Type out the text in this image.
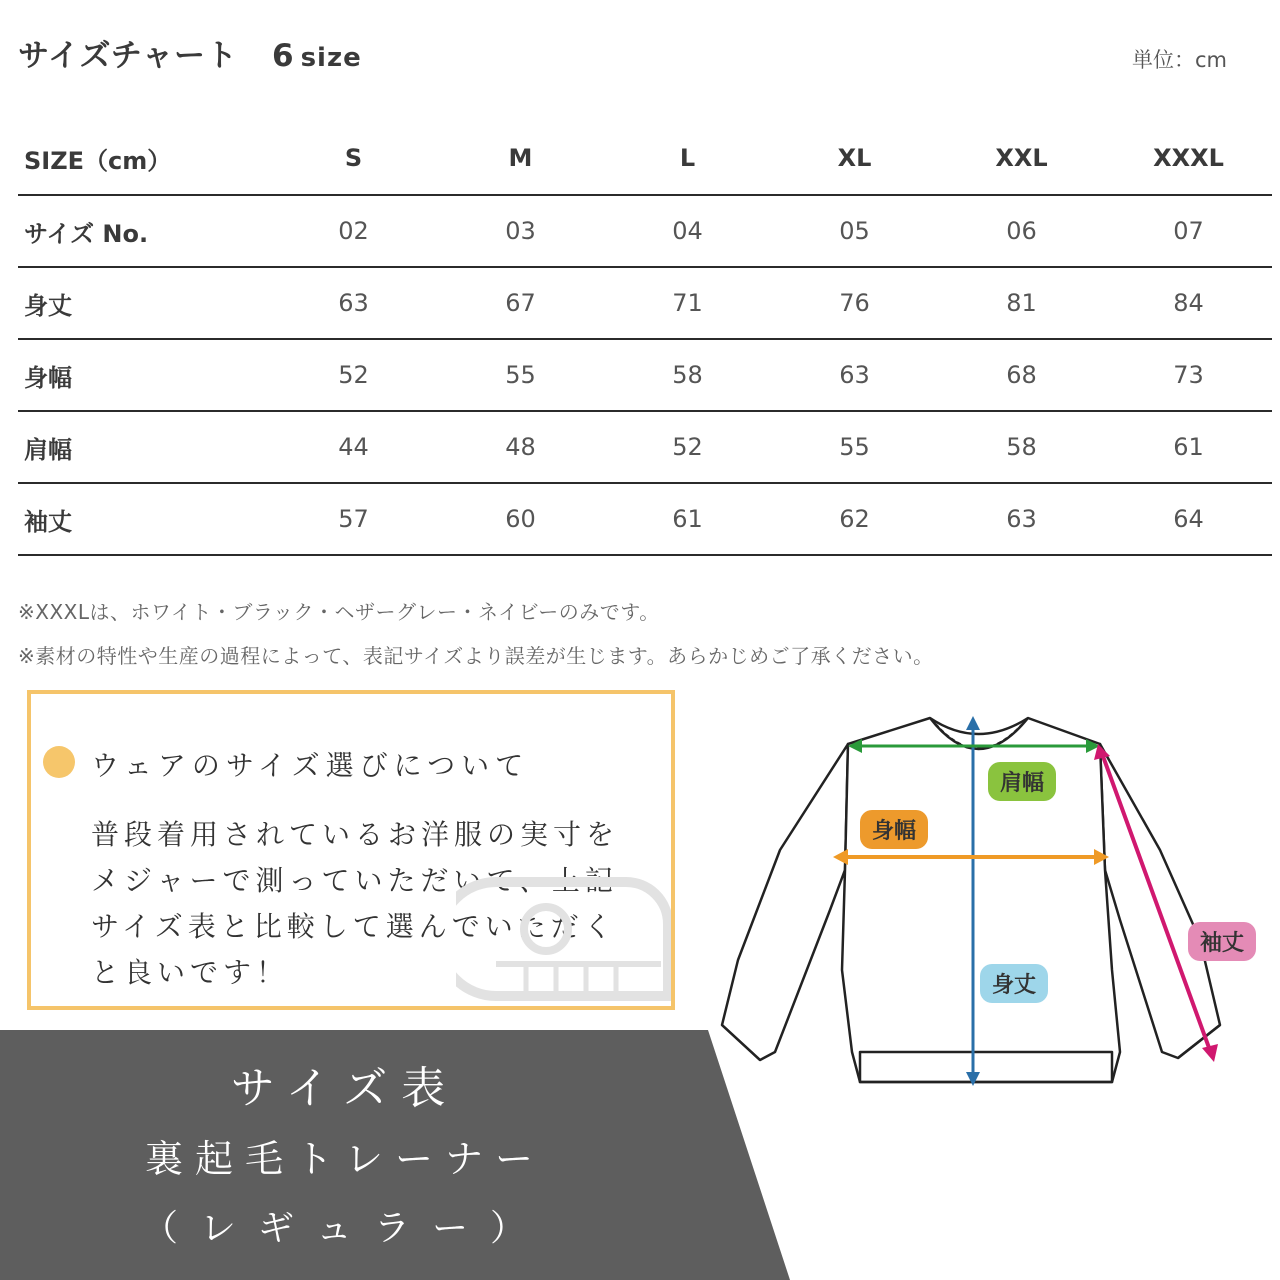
サイズチャート 6 size	単位：cm
SIZE（cm）	S	M	L	XL	XXL	XXXL
サイズ No.	02	03	04	05	06	07
身丈	63	67	71	76	81	84
身幅	52	55	58	63	68	73
肩幅	44	48	52	55	58	61
袖丈	57	60	61	62	63	64
※XXXLは、ホワイト・ブラック・ヘザーグレー・ネイビーのみです。
※素材の特性や生産の過程によって、表記サイズより誤差が生じます。あらかじめご了承ください。
ウェアのサイズ選びについて
普段着用されているお洋服の実寸を
メジャーで測っていただいて、上記
サイズ表と比較して選んでいただく
と良いです！
サイズ表
裏起毛トレーナー
（レギュラー）
肩幅
身幅
袖丈
身丈
